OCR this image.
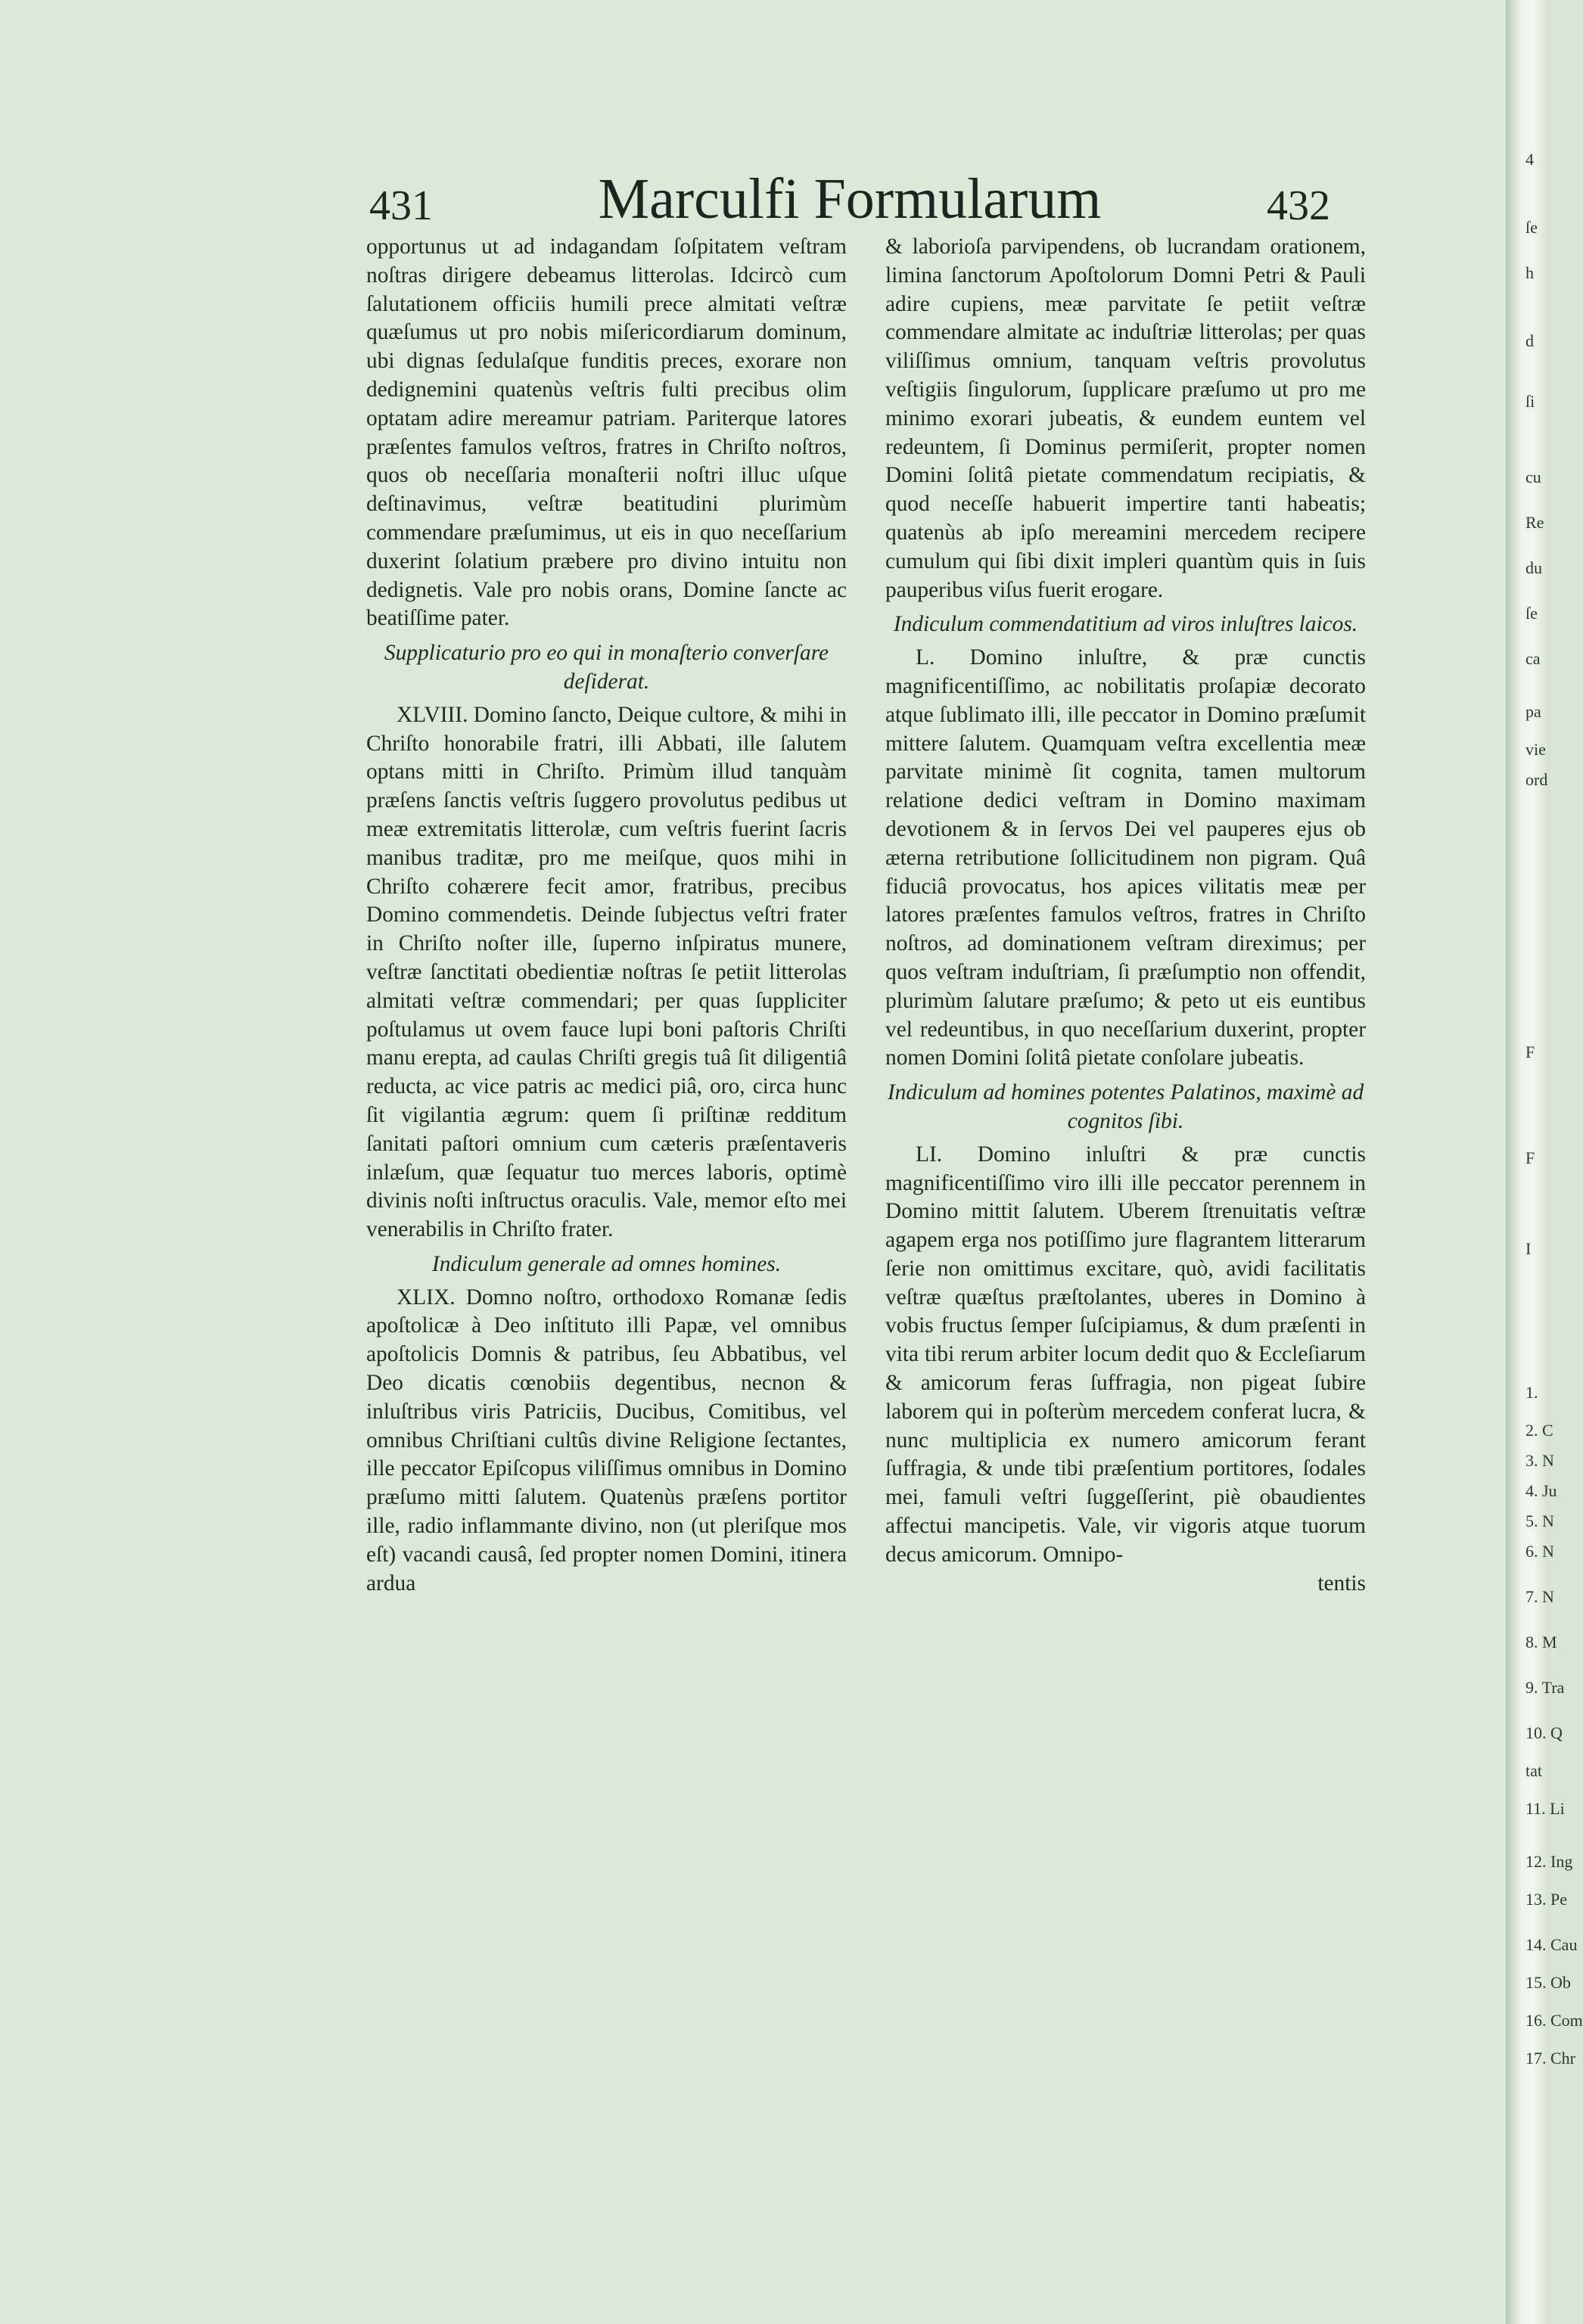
431	Marculfi Formularum	432

opportunus ut ad indagandam ſoſpitatem veſtram noſtras dirigere debeamus litterolas. Idcircò cum ſalutationem officiis humili prece almitati veſtræ quæſumus ut pro nobis miſericordiarum dominum, ubi dignas ſedulaſque funditis preces, exorare non dedignemini quatenùs veſtris fulti precibus olim optatam adire mereamur patriam. Pariterque latores præſentes famulos veſtros, fratres in Chriſto noſtros, quos ob neceſſaria monaſterii noſtri illuc uſque deſtinavimus, veſtræ beatitudini plurimùm commendare præſumimus, ut eis in quo neceſſarium duxerint ſolatium præbere pro divino intuitu non dedignetis. Vale pro nobis orans, Domine ſancte ac beatiſſime pater.

Supplicaturio pro eo qui in monaſterio converſare deſiderat.

XLVIII. Domino ſancto, Deique cultore, & mihi in Chriſto honorabile fratri, illi Abbati, ille ſalutem optans mitti in Chriſto. Primùm illud tanquàm præſens ſanctis veſtris ſuggero provolutus pedibus ut meæ extremitatis litterolæ, cum veſtris fuerint ſacris manibus traditæ, pro me meiſque, quos mihi in Chriſto cohærere fecit amor, fratribus, precibus Domino commendetis. Deinde ſubjectus veſtri frater in Chriſto noſter ille, ſuperno inſpiratus munere, veſtræ ſanctitati obedientiæ noſtras ſe petiit litterolas almitati veſtræ commendari; per quas ſuppliciter poſtulamus ut ovem fauce lupi boni paſtoris Chriſti manu erepta, ad caulas Chriſti gregis tuâ ſit diligentiâ reducta, ac vice patris ac medici piâ, oro, circa hunc ſit vigilantia ægrum: quem ſi priſtinæ redditum ſanitati paſtori omnium cum cæteris præſentaveris inlæſum, quæ ſequatur tuo merces laboris, optimè divinis noſti inſtructus oraculis. Vale, memor eſto mei venerabilis in Chriſto frater.

Indiculum generale ad omnes homines.

XLIX. Domno noſtro, orthodoxo Romanæ ſedis apoſtolicæ à Deo inſtituto illi Papæ, vel omnibus apoſtolicis Domnis & patribus, ſeu Abbatibus, vel Deo dicatis cœnobiis degentibus, necnon & inluſtribus viris Patriciis, Ducibus, Comitibus, vel omnibus Chriſtiani cultûs divine Religione ſectantes, ille peccator Epiſcopus viliſſimus omnibus in Domino præſumo mitti ſalutem. Quatenùs præſens portitor ille, radio inflammante divino, non (ut pleriſque mos eſt) vacandi causâ, ſed propter nomen Domini, itinera ardua

& laborioſa parvipendens, ob lucrandam orationem, limina ſanctorum Apoſtolorum Domni Petri & Pauli adire cupiens, meæ parvitate ſe petiit veſtræ commendare almitate ac induſtriæ litterolas; per quas viliſſimus omnium, tanquam veſtris provolutus veſtigiis ſingulorum, ſupplicare præſumo ut pro me minimo exorari jubeatis, & eundem euntem vel redeuntem, ſi Dominus permiſerit, propter nomen Domini ſolitâ pietate commendatum recipiatis, & quod neceſſe habuerit impertire tanti habeatis; quatenùs ab ipſo mereamini mercedem recipere cumulum qui ſibi dixit impleri quantùm quis in ſuis pauperibus viſus fuerit erogare.

Indiculum commendatitium ad viros inluſtres laicos.

L. Domino inluſtre, & præ cunctis magnificentiſſimo, ac nobilitatis proſapiæ decorato atque ſublimato illi, ille peccator in Domino præſumit mittere ſalutem. Quamquam veſtra excellentia meæ parvitate minimè ſit cognita, tamen multorum relatione dedici veſtram in Domino maximam devotionem & in ſervos Dei vel pauperes ejus ob æterna retributione ſollicitudinem non pigram. Quâ fiduciâ provocatus, hos apices vilitatis meæ per latores præſentes famulos veſtros, fratres in Chriſto noſtros, ad dominationem veſtram direximus; per quos veſtram induſtriam, ſi præſumptio non offendit, plurimùm ſalutare præſumo; & peto ut eis euntibus vel redeuntibus, in quo neceſſarium duxerint, propter nomen Domini ſolitâ pietate conſolare jubeatis.

Indiculum ad homines potentes Palatinos, maximè ad cognitos ſibi.

LI. Domino inluſtri & præ cunctis magnificentiſſimo viro illi ille peccator perennem in Domino mittit ſalutem. Uberem ſtrenuitatis veſtræ agapem erga nos potiſſimo jure flagrantem litterarum ſerie non omittimus excitare, quò, avidi facilitatis veſtræ quæſtus præſtolantes, uberes in Domino à vobis fructus ſemper ſuſcipiamus, & dum præſenti in vita tibi rerum arbiter locum dedit quo & Eccleſiarum & amicorum feras ſuffragia, non pigeat ſubire laborem qui in poſterùm mercedem conferat lucra, & nunc multiplicia ex numero amicorum ferant ſuffragia, & unde tibi præſentium portitores, ſodales mei, famuli veſtri ſuggeſſerint, piè obaudientes affectui mancipetis. Vale, vir vigoris atque tuorum decus amicorum. Omnipo-

tentis

4
ſe
h
d
ſi
cu
Re
du
ſe
ca
pa
vie
ord
F
F
I
1.
2. C
3. N
4. Ju
5. N
6. N
7. N
8. M
9. Tra
10. Q
tat
11. Li
12. Ing
13. Pe
14. Cau
15. Ob
16. Com
17. Chr
